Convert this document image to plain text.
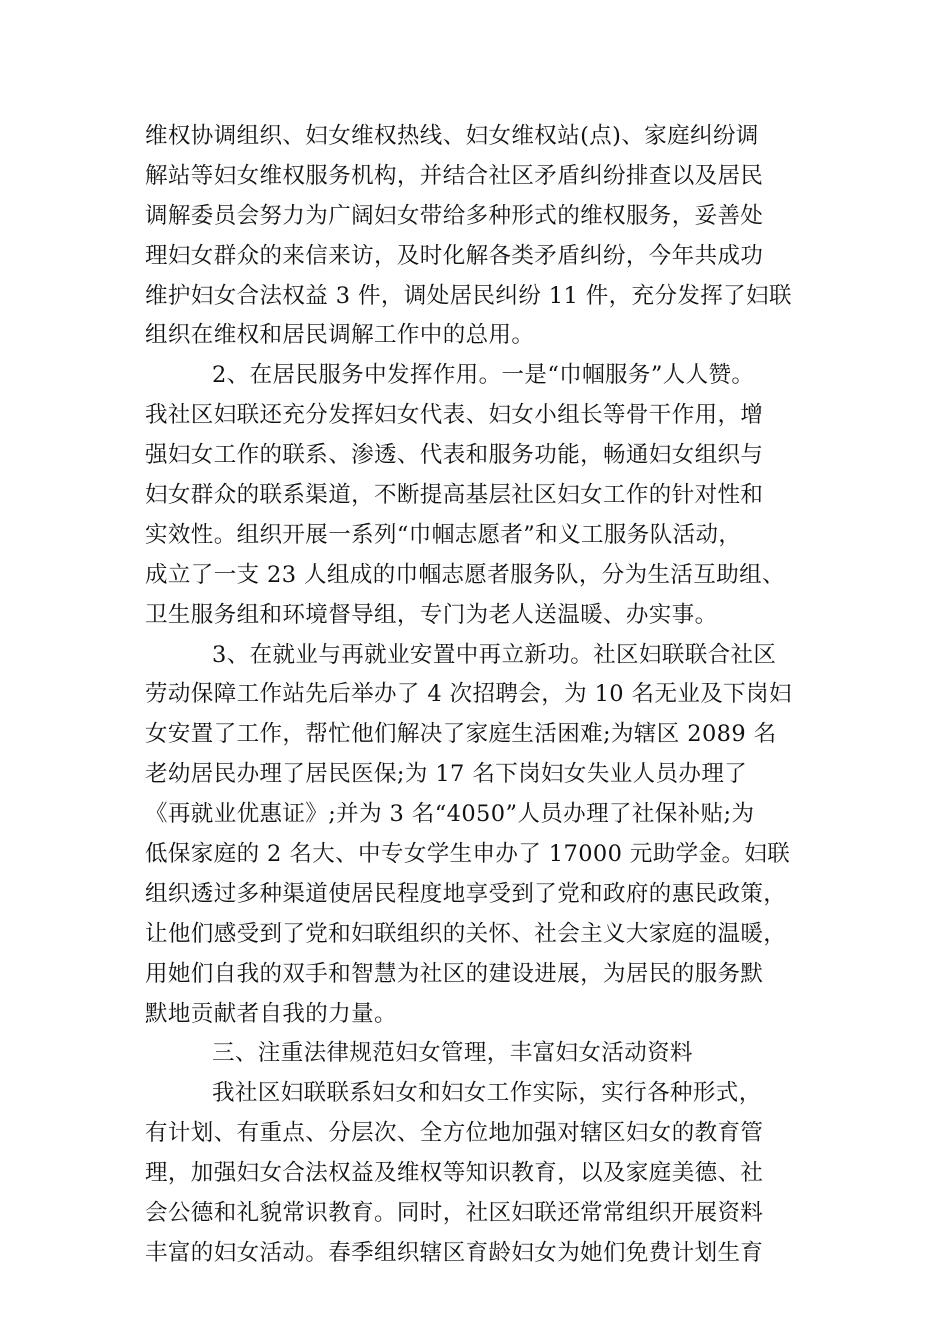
维权协调组织、妇女维权热线、妇女维权站(点)、家庭纠纷调
解站等妇女维权服务机构，并结合社区矛盾纠纷排查以及居民
调解委员会努力为广阔妇女带给多种形式的维权服务，妥善处
理妇女群众的来信来访，及时化解各类矛盾纠纷，今年共成功
维护妇女合法权益 3 件，调处居民纠纷 11 件，充分发挥了妇联
组织在维权和居民调解工作中的总用。
2、在居民服务中发挥作用。一是“巾帼服务”人人赞。
我社区妇联还充分发挥妇女代表、妇女小组长等骨干作用，增
强妇女工作的联系、渗透、代表和服务功能，畅通妇女组织与
妇女群众的联系渠道，不断提高基层社区妇女工作的针对性和
实效性。组织开展一系列“巾帼志愿者”和义工服务队活动，
成立了一支 23 人组成的巾帼志愿者服务队，分为生活互助组、
卫生服务组和环境督导组，专门为老人送温暖、办实事。
3、在就业与再就业安置中再立新功。社区妇联联合社区
劳动保障工作站先后举办了 4 次招聘会，为 10 名无业及下岗妇
女安置了工作，帮忙他们解决了家庭生活困难;为辖区 2089 名
老幼居民办理了居民医保;为 17 名下岗妇女失业人员办理了
《再就业优惠证》;并为 3 名“4050”人员办理了社保补贴;为
低保家庭的 2 名大、中专女学生申办了 17000 元助学金。妇联
组织透过多种渠道使居民程度地享受到了党和政府的惠民政策，
让他们感受到了党和妇联组织的关怀、社会主义大家庭的温暖，
用她们自我的双手和智慧为社区的建设进展，为居民的服务默
默地贡献者自我的力量。
三、注重法律规范妇女管理，丰富妇女活动资料
我社区妇联联系妇女和妇女工作实际，实行各种形式，
有计划、有重点、分层次、全方位地加强对辖区妇女的教育管
理，加强妇女合法权益及维权等知识教育，以及家庭美德、社
会公德和礼貌常识教育。同时，社区妇联还常常组织开展资料
丰富的妇女活动。春季组织辖区育龄妇女为她们免费计划生育
